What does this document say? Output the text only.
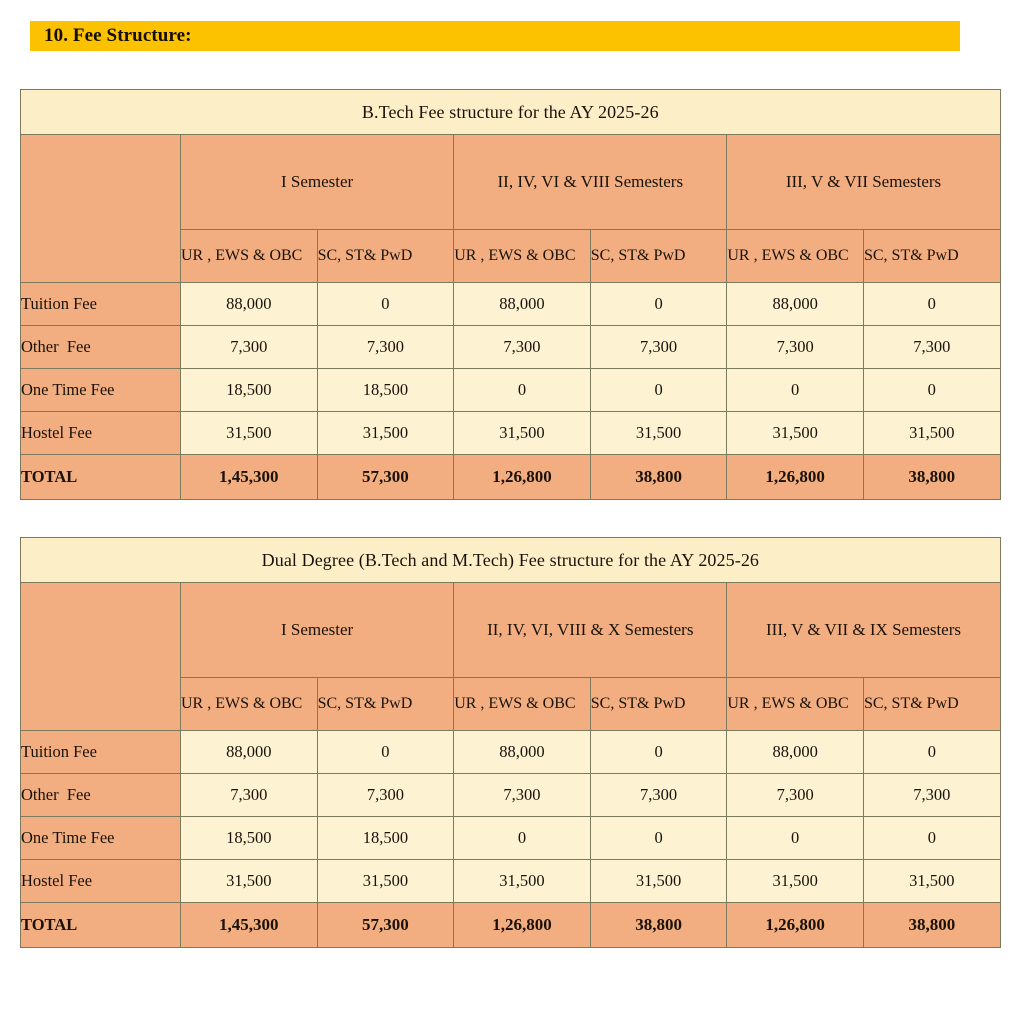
10. Fee Structure:
B.Tech Fee structure for the AY 2025-26						
	I Semester		II, IV, VI & VIII Semesters		III, V & VII Semesters	
	UR , EWS & OBC	SC, ST& PwD	UR , EWS & OBC	SC, ST& PwD	UR , EWS & OBC	SC, ST& PwD
Tuition Fee	88,000	0	88,000	0	88,000	0
Other  Fee	7,300	7,300	7,300	7,300	7,300	7,300
One Time Fee	18,500	18,500	0	0	0	0
Hostel Fee	31,500	31,500	31,500	31,500	31,500	31,500
TOTAL	1,45,300	57,300	1,26,800	38,800	1,26,800	38,800
Dual Degree (B.Tech and M.Tech) Fee structure for the AY 2025-26						
	I Semester		II, IV, VI, VIII & X Semesters		III, V & VII & IX Semesters	
	UR , EWS & OBC	SC, ST& PwD	UR , EWS & OBC	SC, ST& PwD	UR , EWS & OBC	SC, ST& PwD
Tuition Fee	88,000	0	88,000	0	88,000	0
Other  Fee	7,300	7,300	7,300	7,300	7,300	7,300
One Time Fee	18,500	18,500	0	0	0	0
Hostel Fee	31,500	31,500	31,500	31,500	31,500	31,500
TOTAL	1,45,300	57,300	1,26,800	38,800	1,26,800	38,800
